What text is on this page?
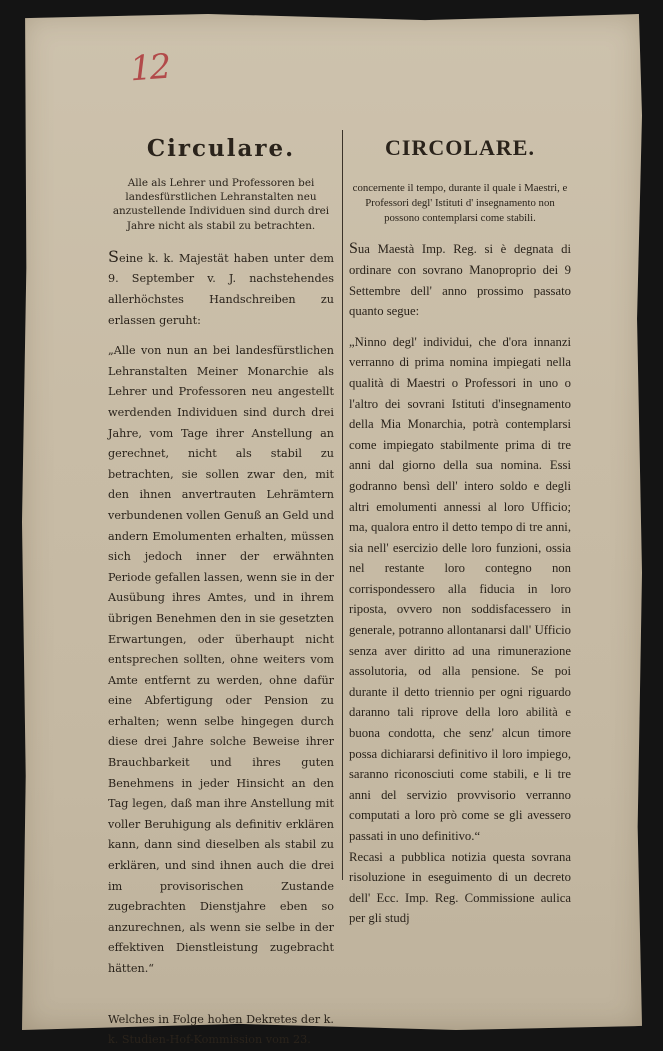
12
Circulare.

Alle als Lehrer und Professoren bei landesfürstlichen Lehranstalten neu anzustellende Individuen sind durch drei Jahre nicht als stabil zu betrachten.

Seine k. k. Majestät haben unter dem 9. September v. J. nachstehendes allerhöchstes Handschreiben zu erlassen geruht:

„Alle von nun an bei landesfürstlichen Lehranstalten Meiner Monarchie als Lehrer und Professoren neu angestellt werdenden Individuen sind durch drei Jahre, vom Tage ihrer Anstellung an gerechnet, nicht als stabil zu betrachten, sie sollen zwar den, mit den ihnen anvertrauten Lehrämtern verbundenen vollen Genuß an Geld und andern Emolumenten erhalten, müssen sich jedoch inner der erwähnten Periode gefallen lassen, wenn sie in der Ausübung ihres Amtes, und in ihrem übrigen Benehmen den in sie gesetzten Erwartungen, oder überhaupt nicht entsprechen sollten, ohne weiters vom Amte entfernt zu werden, ohne dafür eine Abfertigung oder Pension zu erhalten; wenn selbe hingegen durch diese drei Jahre solche Beweise ihrer Brauchbarkeit und ihres guten Benehmens in jeder Hinsicht an den Tag legen, daß man ihre Anstellung mit voller Beruhigung als definitiv erklären kann, dann sind dieselben als stabil zu erklären, und sind ihnen auch die drei im provisorischen Zustande zugebrachten Dienstjahre eben so anzurechnen, als wenn sie selbe in der effektiven Dienstleistung zugebracht hätten.“

Welches in Folge hohen Dekretes der k. k. Studien-Hof-Kommission vom 23.

CIRCOLARE.

concernente il tempo, durante il quale i Maestri, e Professori degl' Istituti d' insegnamento non possono contemplarsi come stabili.

Sua Maestà Imp. Reg. si è degnata di ordinare con sovrano Manoproprio dei 9 Settembre dell' anno prossimo passato quanto segue:

„Ninno degl' individui, che d'ora innanzi verranno di prima nomina impiegati nella qualità di Maestri o Professori in uno o l'altro dei sovrani Istituti d'insegnamento della Mia Monarchia, potrà contemplarsi come impiegato stabilmente prima di tre anni dal giorno della sua nomina. Essi godranno bensì dell' intero soldo e degli altri emolumenti annessi al loro Ufficio; ma, qualora entro il detto tempo di tre anni, sia nell' esercizio delle loro funzioni, ossia nel restante loro contegno non corrispondessero alla fiducia in loro riposta, ovvero non soddisfacessero in generale, potranno allontanarsi dall' Ufficio senza aver diritto ad una rimunerazione assolutoria, od alla pensione. Se poi durante il detto triennio per ogni riguardo daranno tali riprove della loro abilità e buona condotta, che senz' alcun timore possa dichiararsi definitivo il loro impiego, saranno riconosciuti come stabili, e li tre anni del servizio provvisorio verranno computati a loro prò come se gli avessero passati in uno definitivo.“

Recasi a pubblica notizia questa sovrana risoluzione in eseguimento di un decreto dell' Ecc. Imp. Reg. Commissione aulica per gli studj
